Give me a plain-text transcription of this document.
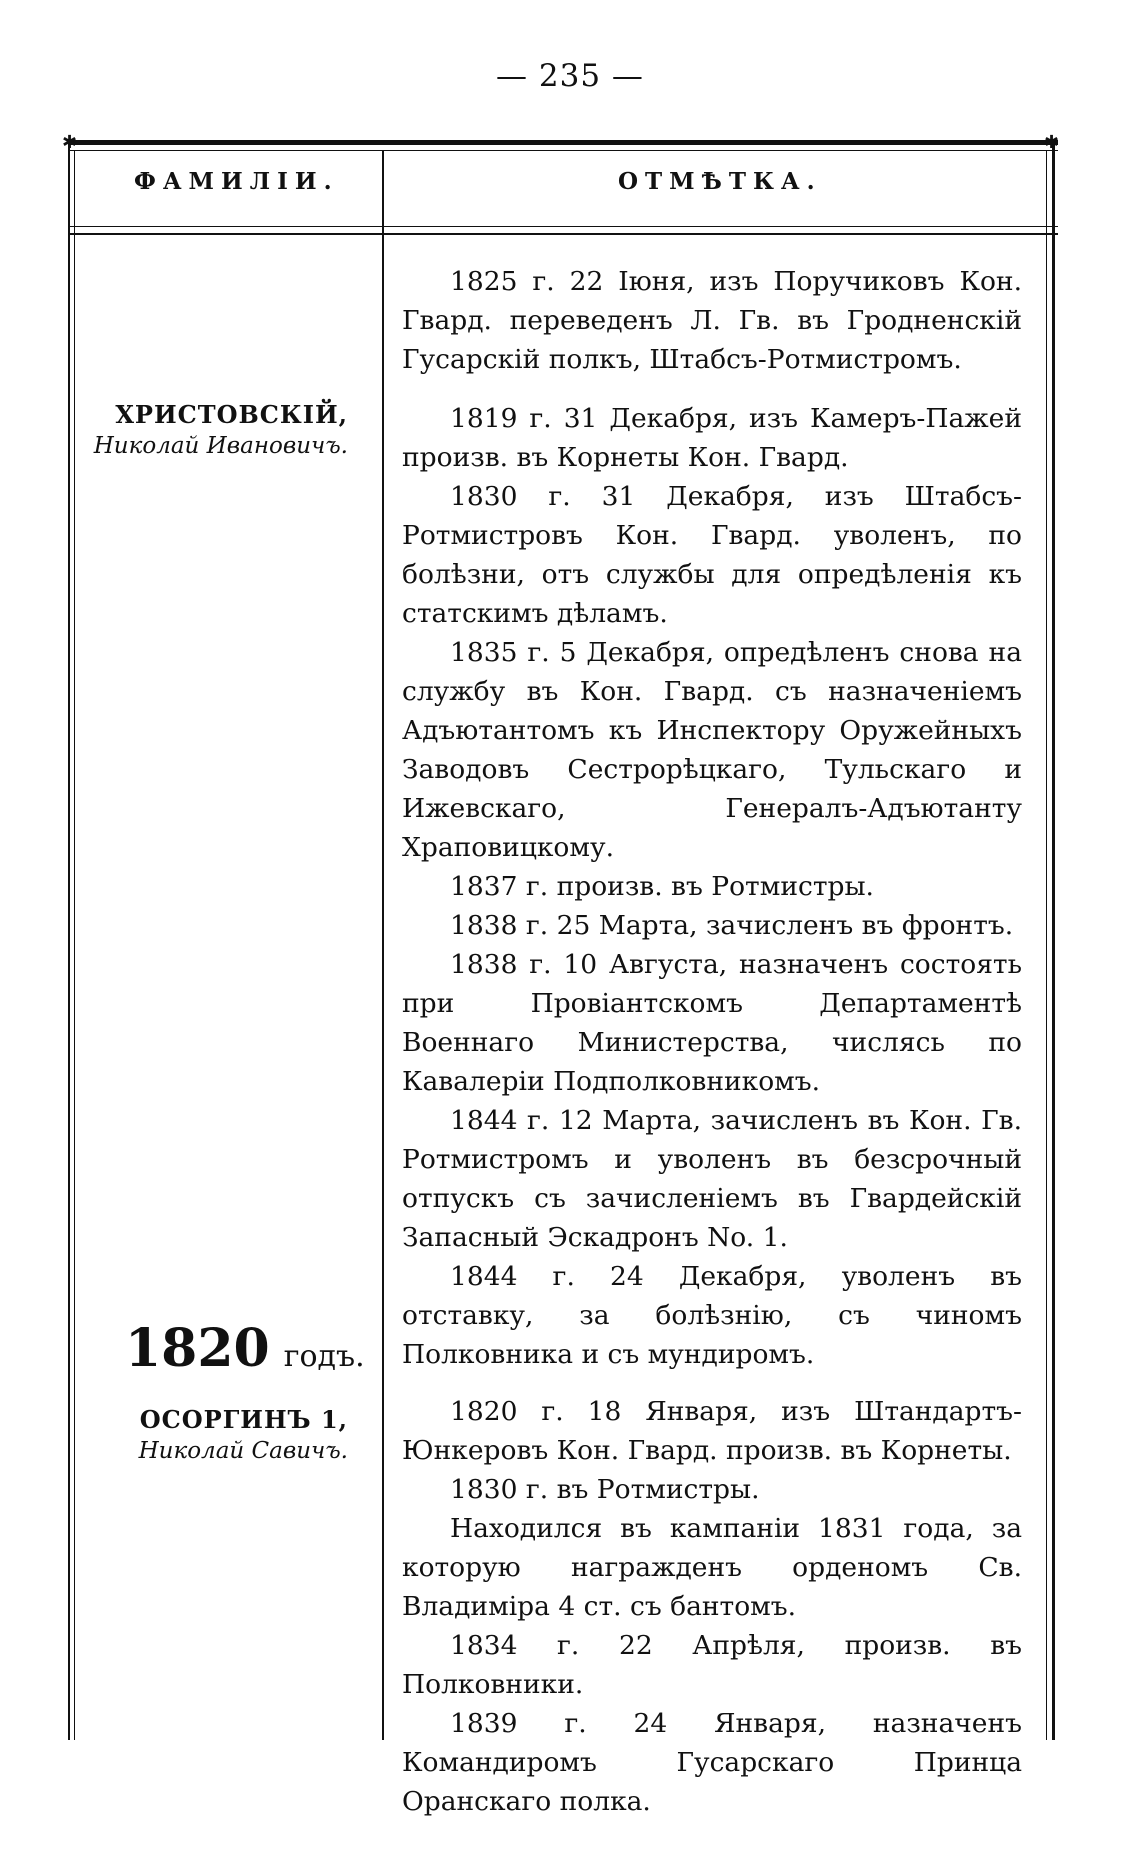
— 235 —
✱	✱
ФАМИЛІИ.	ОТМѢТКА.

1825 г. 22 Іюня, изъ Поручиковъ Кон. Гвард. переведенъ Л. Гв. въ Гродненскій Гусарскій полкъ, Штабсъ-Ротмистромъ.

ХРИСТОВСКІЙ,
Николай Ивановичъ.

1819 г. 31 Декабря, изъ Камеръ-Пажей произв. въ Корнеты Кон. Гвард.

1830 г. 31 Декабря, изъ Штабсъ-Ротмистровъ Кон. Гвард. уволенъ, по болѣзни, отъ службы для опредѣленія къ статскимъ дѣламъ.

1835 г. 5 Декабря, опредѣленъ снова на службу въ Кон. Гвард. съ назначеніемъ Адъютантомъ къ Инспектору Оружейныхъ Заводовъ Сестрорѣцкаго, Тульскаго и Ижевскаго, Генералъ-Адъютанту Храповицкому.

1837 г. произв. въ Ротмистры.

1838 г. 25 Марта, зачисленъ въ фронтъ.

1838 г. 10 Августа, назначенъ состоять при Провіантскомъ Департаментѣ Военнаго Министерства, числясь по Кавалеріи Подполковникомъ.

1844 г. 12 Марта, зачисленъ въ Кон. Гв. Ротмистромъ и уволенъ въ безсрочный отпускъ съ зачисленіемъ въ Гвардейскій Запасный Эскадронъ No. 1.

1844 г. 24 Декабря, уволенъ въ отставку, за болѣзнію, съ чиномъ Полковника и съ мундиромъ.

1820 годъ.
ОСОРГИНЪ 1,
Николай Савичъ.

1820 г. 18 Января, изъ Штандартъ-Юнкеровъ Кон. Гвард. произв. въ Корнеты.

1830 г. въ Ротмистры.

Находился въ кампаніи 1831 года, за которую награжденъ орденомъ Св. Владиміра 4 ст. съ бантомъ.

1834 г. 22 Апрѣля, произв. въ Полковники.

1839 г. 24 Января, назначенъ Командиромъ Гусарскаго Принца Оранскаго полка.
